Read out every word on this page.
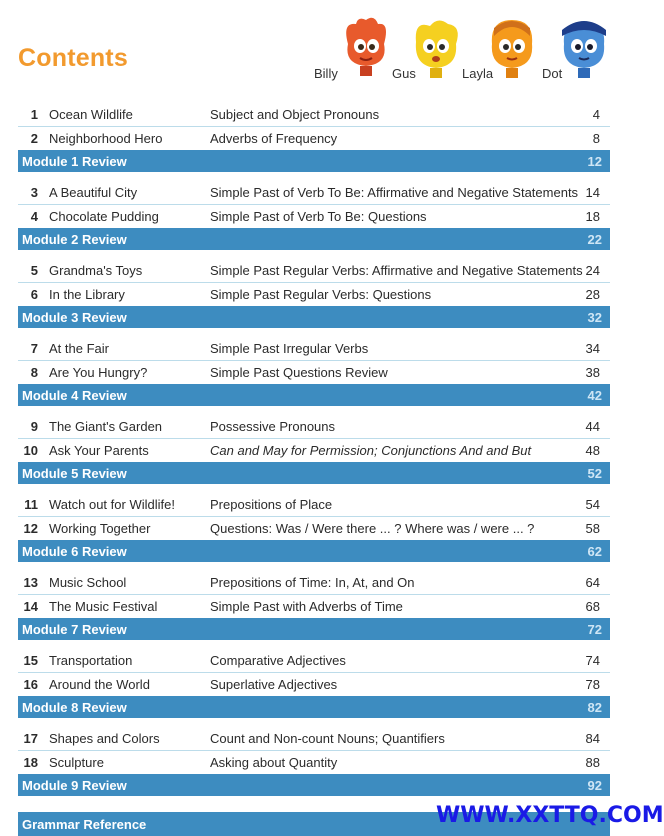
Contents
Billy	Gus	Layla	Dot
1 Ocean Wildlife	Subject and Object Pronouns	4
2 Neighborhood Hero	Adverbs of Frequency	8
Module 1 Review	12
3 A Beautiful City	Simple Past of Verb To Be: Affirmative and Negative Statements 14
4 Chocolate Pudding	Simple Past of Verb To Be: Questions	18
Module 2 Review	22
5 Grandma's Toys	Simple Past Regular Verbs: Affirmative and Negative Statements 24
6 In the Library	Simple Past Regular Verbs: Questions	28
Module 3 Review	32
7 At the Fair	Simple Past Irregular Verbs	34
8 Are You Hungry?	Simple Past Questions Review	38
Module 4 Review	42
9 The Giant's Garden	Possessive Pronouns	44
10 Ask Your Parents	Can and May for Permission; Conjunctions And and But	48
Module 5 Review	52
11 Watch out for Wildlife!	Prepositions of Place	54
12 Working Together	Questions: Was / Were there ... ? Where was / were ... ?	58
Module 6 Review	62
13 Music School	Prepositions of Time: In, At, and On	64
14 The Music Festival	Simple Past with Adverbs of Time	68
Module 7 Review	72
15 Transportation	Comparative Adjectives	74
16 Around the World	Superlative Adjectives	78
Module 8 Review	82
17 Shapes and Colors	Count and Non-count Nouns; Quantifiers	84
18 Sculpture	Asking about Quantity	88
Module 9 Review	92
Grammar Reference	WWW.XXTTQ.COM
